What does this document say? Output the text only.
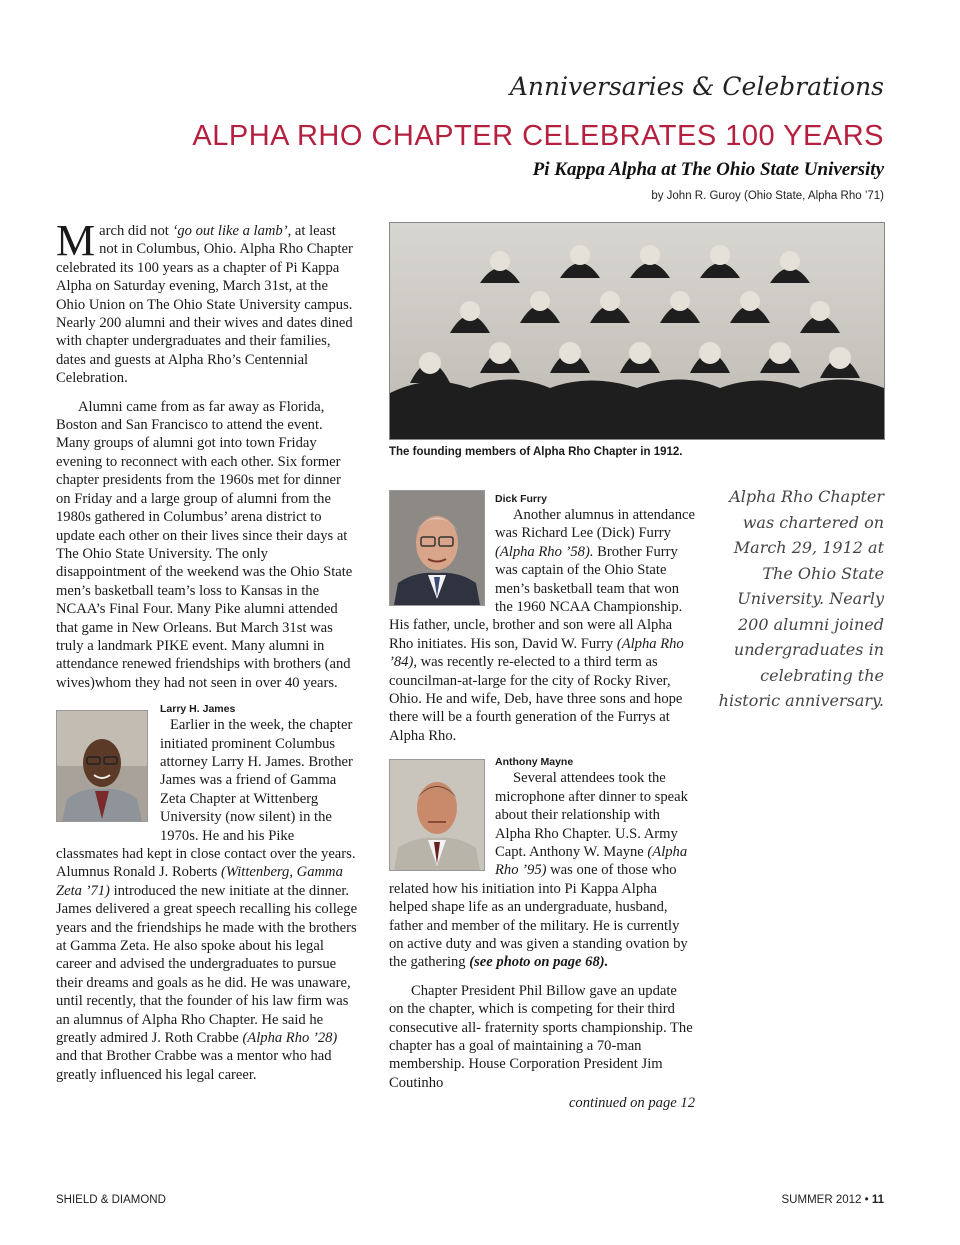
Anniversaries & Celebrations
ALPHA RHO CHAPTER CELEBRATES 100 YEARS
Pi Kappa Alpha at The Ohio State University
by John R. Guroy (Ohio State, Alpha Rho ’71)

March did not ‘go out like a lamb’, at least not in Columbus, Ohio. Alpha Rho Chapter celebrated its 100 years as a chapter of Pi Kappa Alpha on Saturday evening, March 31st, at the Ohio Union on The Ohio State University campus. Nearly 200 alumni and their wives and dates dined with chapter undergraduates and their families, dates and guests at Alpha Rho’s Centennial Celebration.

Alumni came from as far away as Florida, Boston and San Francisco to attend the event. Many groups of alumni got into town Friday evening to reconnect with each other. Six former chapter presidents from the 1960s met for dinner on Friday and a large group of alumni from the 1980s gathered in Columbus’ arena district to update each other on their lives since their days at The Ohio State University. The only disappointment of the weekend was the Ohio State men’s basketball team’s loss to Kansas in the NCAA’s Final Four. Many Pike alumni attended that game in New Orleans. But March 31st was truly a landmark PIKE event. Many alumni in attendance renewed friendships with brothers (and wives)whom they had not seen in over 40 years.

Larry H. James
Earlier in the week, the chapter initiated prominent Columbus attorney Larry H. James. Brother James was a friend of Gamma Zeta Chapter at Wittenberg University (now silent) in the 1970s. He and his Pike classmates had kept in close contact over the years. Alumnus Ronald J. Roberts (Wittenberg, Gamma Zeta ’71) introduced the new initiate at the dinner. James delivered a great speech recalling his college years and the friendships he made with the brothers at Gamma Zeta. He also spoke about his legal career and advised the undergraduates to pursue their dreams and goals as he did. He was unaware, until recently, that the founder of his law firm was an alumnus of Alpha Rho Chapter. He said he greatly admired J. Roth Crabbe (Alpha Rho ’28) and that Brother Crabbe was a mentor who had greatly influenced his legal career.

The founding members of Alpha Rho Chapter in 1912.

Dick Furry
Another alumnus in attendance was Richard Lee (Dick) Furry (Alpha Rho ’58). Brother Furry was captain of the Ohio State men’s basketball team that won the 1960 NCAA Championship. His father, uncle, brother and son were all Alpha Rho initiates. His son, David W. Furry (Alpha Rho ’84), was recently re-elected to a third term as councilman-at-large for the city of Rocky River, Ohio. He and wife, Deb, have three sons and hope there will be a fourth generation of the Furrys at Alpha Rho.

Anthony Mayne
Several attendees took the microphone after dinner to speak about their relationship with Alpha Rho Chapter. U.S. Army Capt. Anthony W. Mayne (Alpha Rho ’95) was one of those who related how his initiation into Pi Kappa Alpha helped shape life as an undergraduate, husband, father and member of the military. He is currently on active duty and was given a standing ovation by the gathering (see photo on page 68).

Chapter President Phil Billow gave an update on the chapter, which is competing for their third consecutive all- fraternity sports championship. The chapter has a goal of maintaining a 70-man membership. House Corporation President Jim Coutinho

continued on page 12
Alpha Rho Chapter was chartered on March 29, 1912 at The Ohio State University. Nearly 200 alumni joined undergraduates in celebrating the historic anniversary.
SHIELD & DIAMOND	SUMMER 2012 • 11
